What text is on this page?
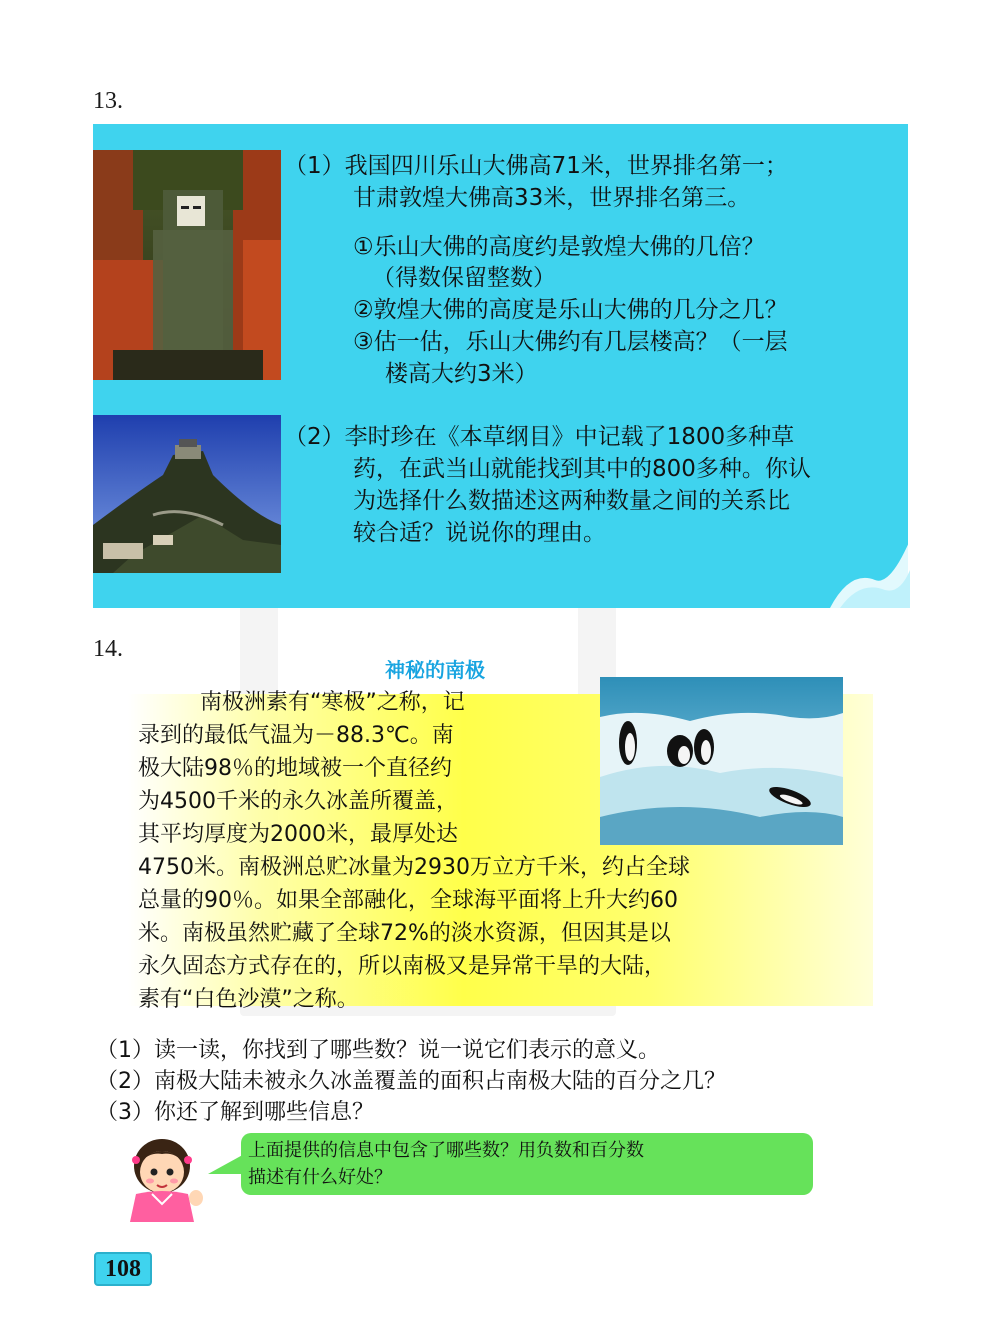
13.
（1）我国四川乐山大佛高71米，世界排名第一；
甘肃敦煌大佛高33米，世界排名第三。
①乐山大佛的高度约是敦煌大佛的几倍？
（得数保留整数）
②敦煌大佛的高度是乐山大佛的几分之几？
③估一估，乐山大佛约有几层楼高？（一层
楼高大约3米）
（2）李时珍在《本草纲目》中记载了1800多种草
药，在武当山就能找到其中的800多种。你认
为选择什么数描述这两种数量之间的关系比
较合适？说说你的理由。
14.
神秘的南极
南极洲素有“寒极”之称，记
录到的最低气温为－88.3℃。南
极大陆98％的地域被一个直径约
为4500千米的永久冰盖所覆盖，
其平均厚度为2000米，最厚处达
4750米。南极洲总贮冰量为2930万立方千米，约占全球
总量的90％。如果全部融化，全球海平面将上升大约60
米。南极虽然贮藏了全球72%的淡水资源，但因其是以
永久固态方式存在的，所以南极又是异常干旱的大陆，
素有“白色沙漠”之称。
（1）读一读，你找到了哪些数？说一说它们表示的意义。
（2）南极大陆未被永久冰盖覆盖的面积占南极大陆的百分之几？
（3）你还了解到哪些信息？
上面提供的信息中包含了哪些数？用负数和百分数
描述有什么好处？
108
